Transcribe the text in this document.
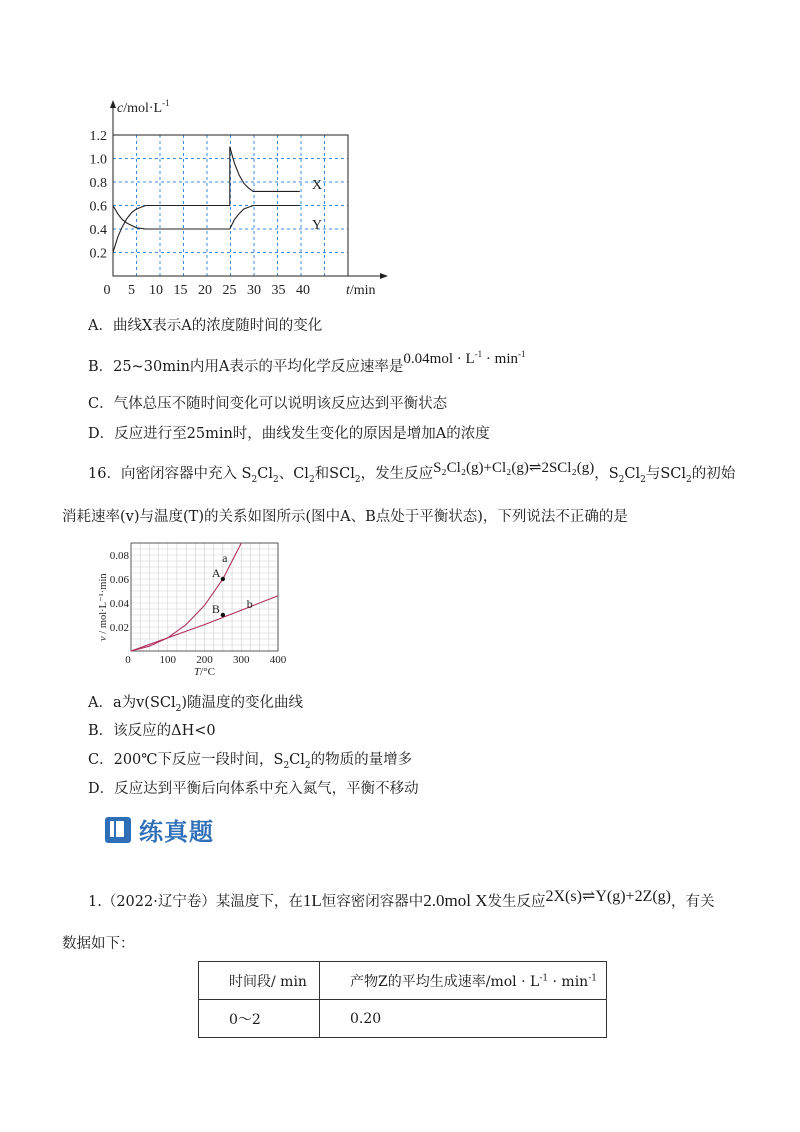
1.2
1.0
0.8
0.6
0.4
0.2
0 5 10 15 20 25 30 35 40
$c/mol\cdot L^{-1}$
t/min
X
Y
A．曲线X表示A的浓度随时间的变化
B．25~30min内用A表示的平均化学反应速率是$0.04mol \cdot L^{-1} \cdot \min^{-1}$
C．气体总压不随时间变化可以说明该反应达到平衡状态
D．反应进行至25min时，曲线发生变化的原因是增加A的浓度
16．向密闭容器中充入 $S_2Cl_2$、$Cl_2$和SCl$_2$，发生反应S₂Cl₂(g)+Cl₂(g)⇌2SCl₂(g)，$S_2Cl_2$与SCl$_2$的初始
消耗速率(v)与温度(T)的关系如图所示(图中A、B点处于平衡状态)，下列说法不正确的是
0.08
0.06
0.04
0.02
0	100 200 300 400
v / mol·L⁻¹·min
T/°C
A
B
a
b
A．a为v(SCl$_2$)随温度的变化曲线
B．该反应的ΔH<0
C．200℃下反应一段时间，$S_2Cl_2$的物质的量增多
D．反应达到平衡后向体系中充入氮气，平衡不移动
练真题
1.（2022·辽宁卷）某温度下，在1L恒容密闭容器中2.0mol X发生反应2X(s)⇌Y(g)+2Z(g)，有关
数据如下：
时间段/ min	产物Z的平均生成速率$/mol \cdot L^{-1} \cdot \min^{-1}$
0～2	0.20
